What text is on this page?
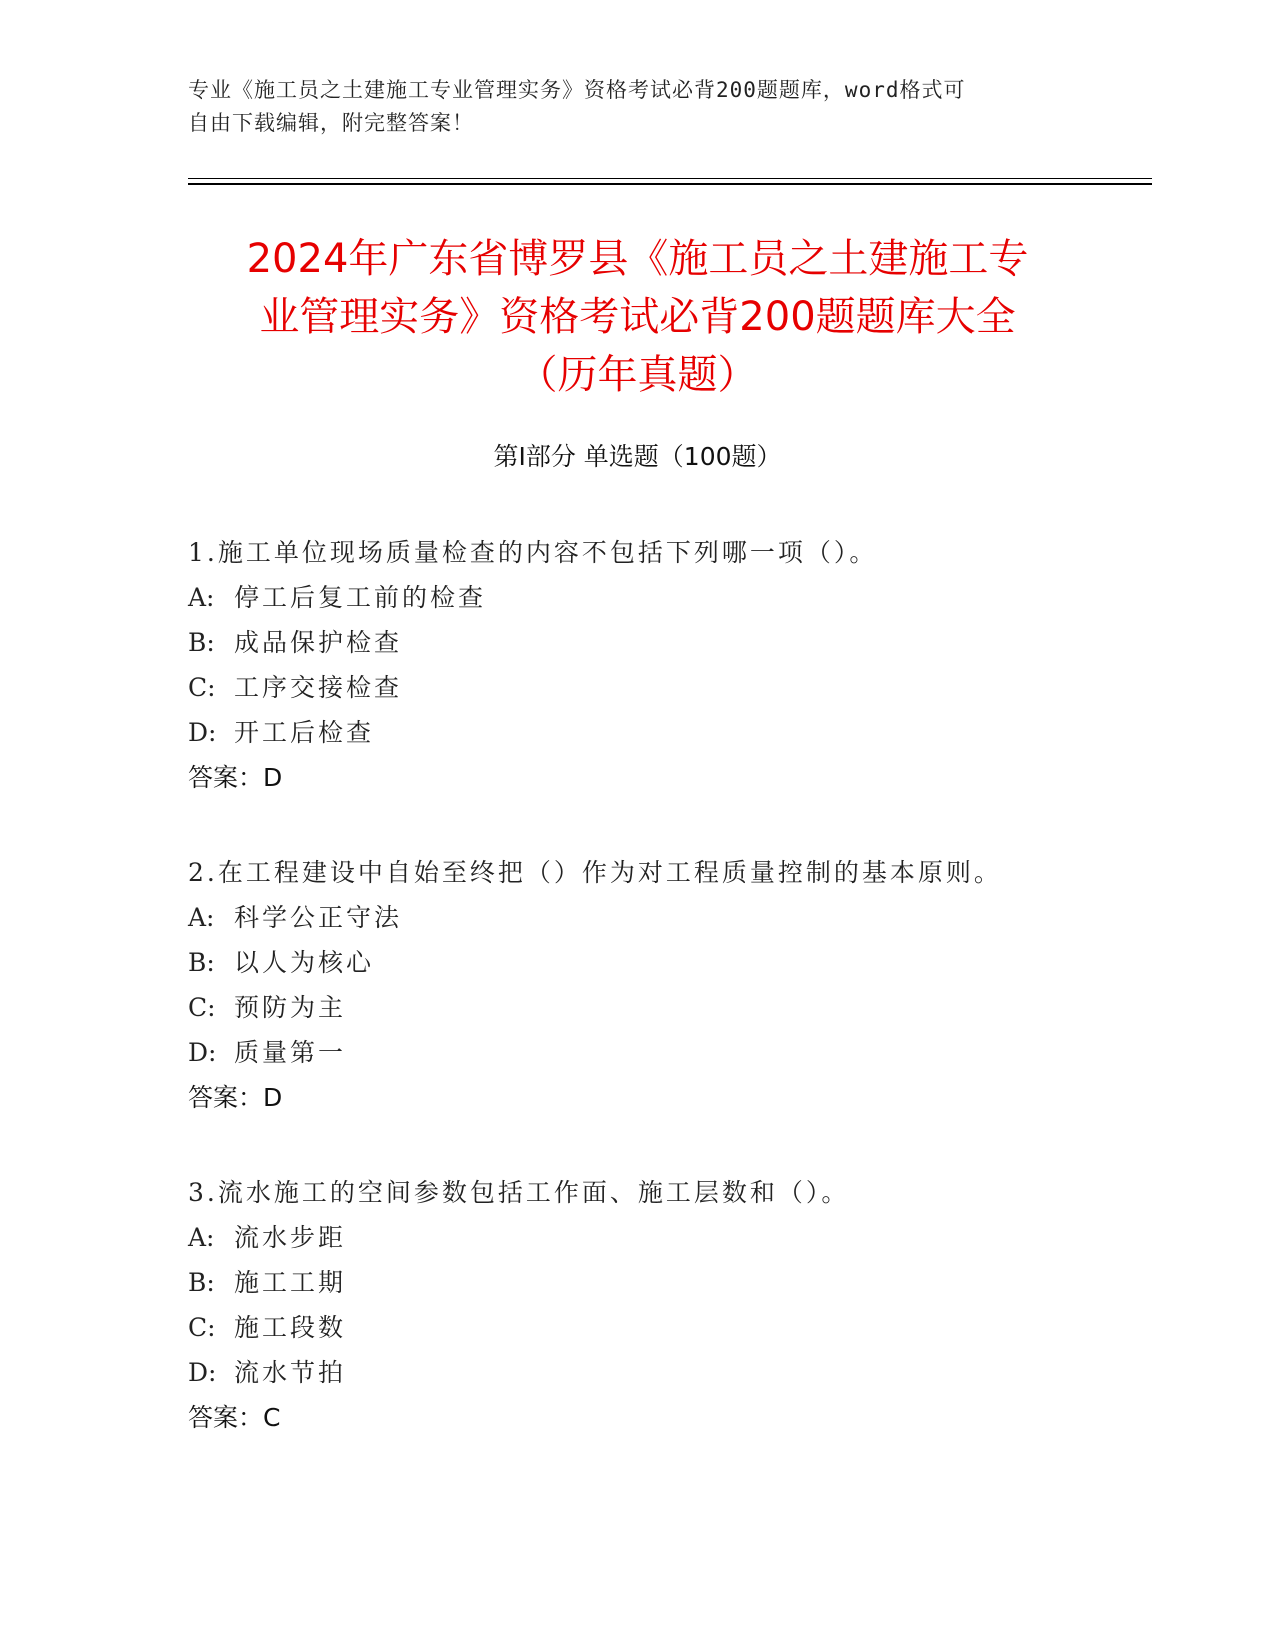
专业《施工员之土建施工专业管理实务》资格考试必背200题题库，word格式可
自由下载编辑，附完整答案！
2024年广东省博罗县《施工员之土建施工专
业管理实务》资格考试必背200题题库大全
（历年真题）
第Ⅰ部分 单选题（100题）
1.施工单位现场质量检查的内容不包括下列哪一项（）。
A: 停工后复工前的检查
B: 成品保护检查
C: 工序交接检查
D: 开工后检查
答案：D
2.在工程建设中自始至终把（）作为对工程质量控制的基本原则。
A: 科学公正守法
B: 以人为核心
C: 预防为主
D: 质量第一
答案：D
3.流水施工的空间参数包括工作面、施工层数和（）。
A: 流水步距
B: 施工工期
C: 施工段数
D: 流水节拍
答案：C
